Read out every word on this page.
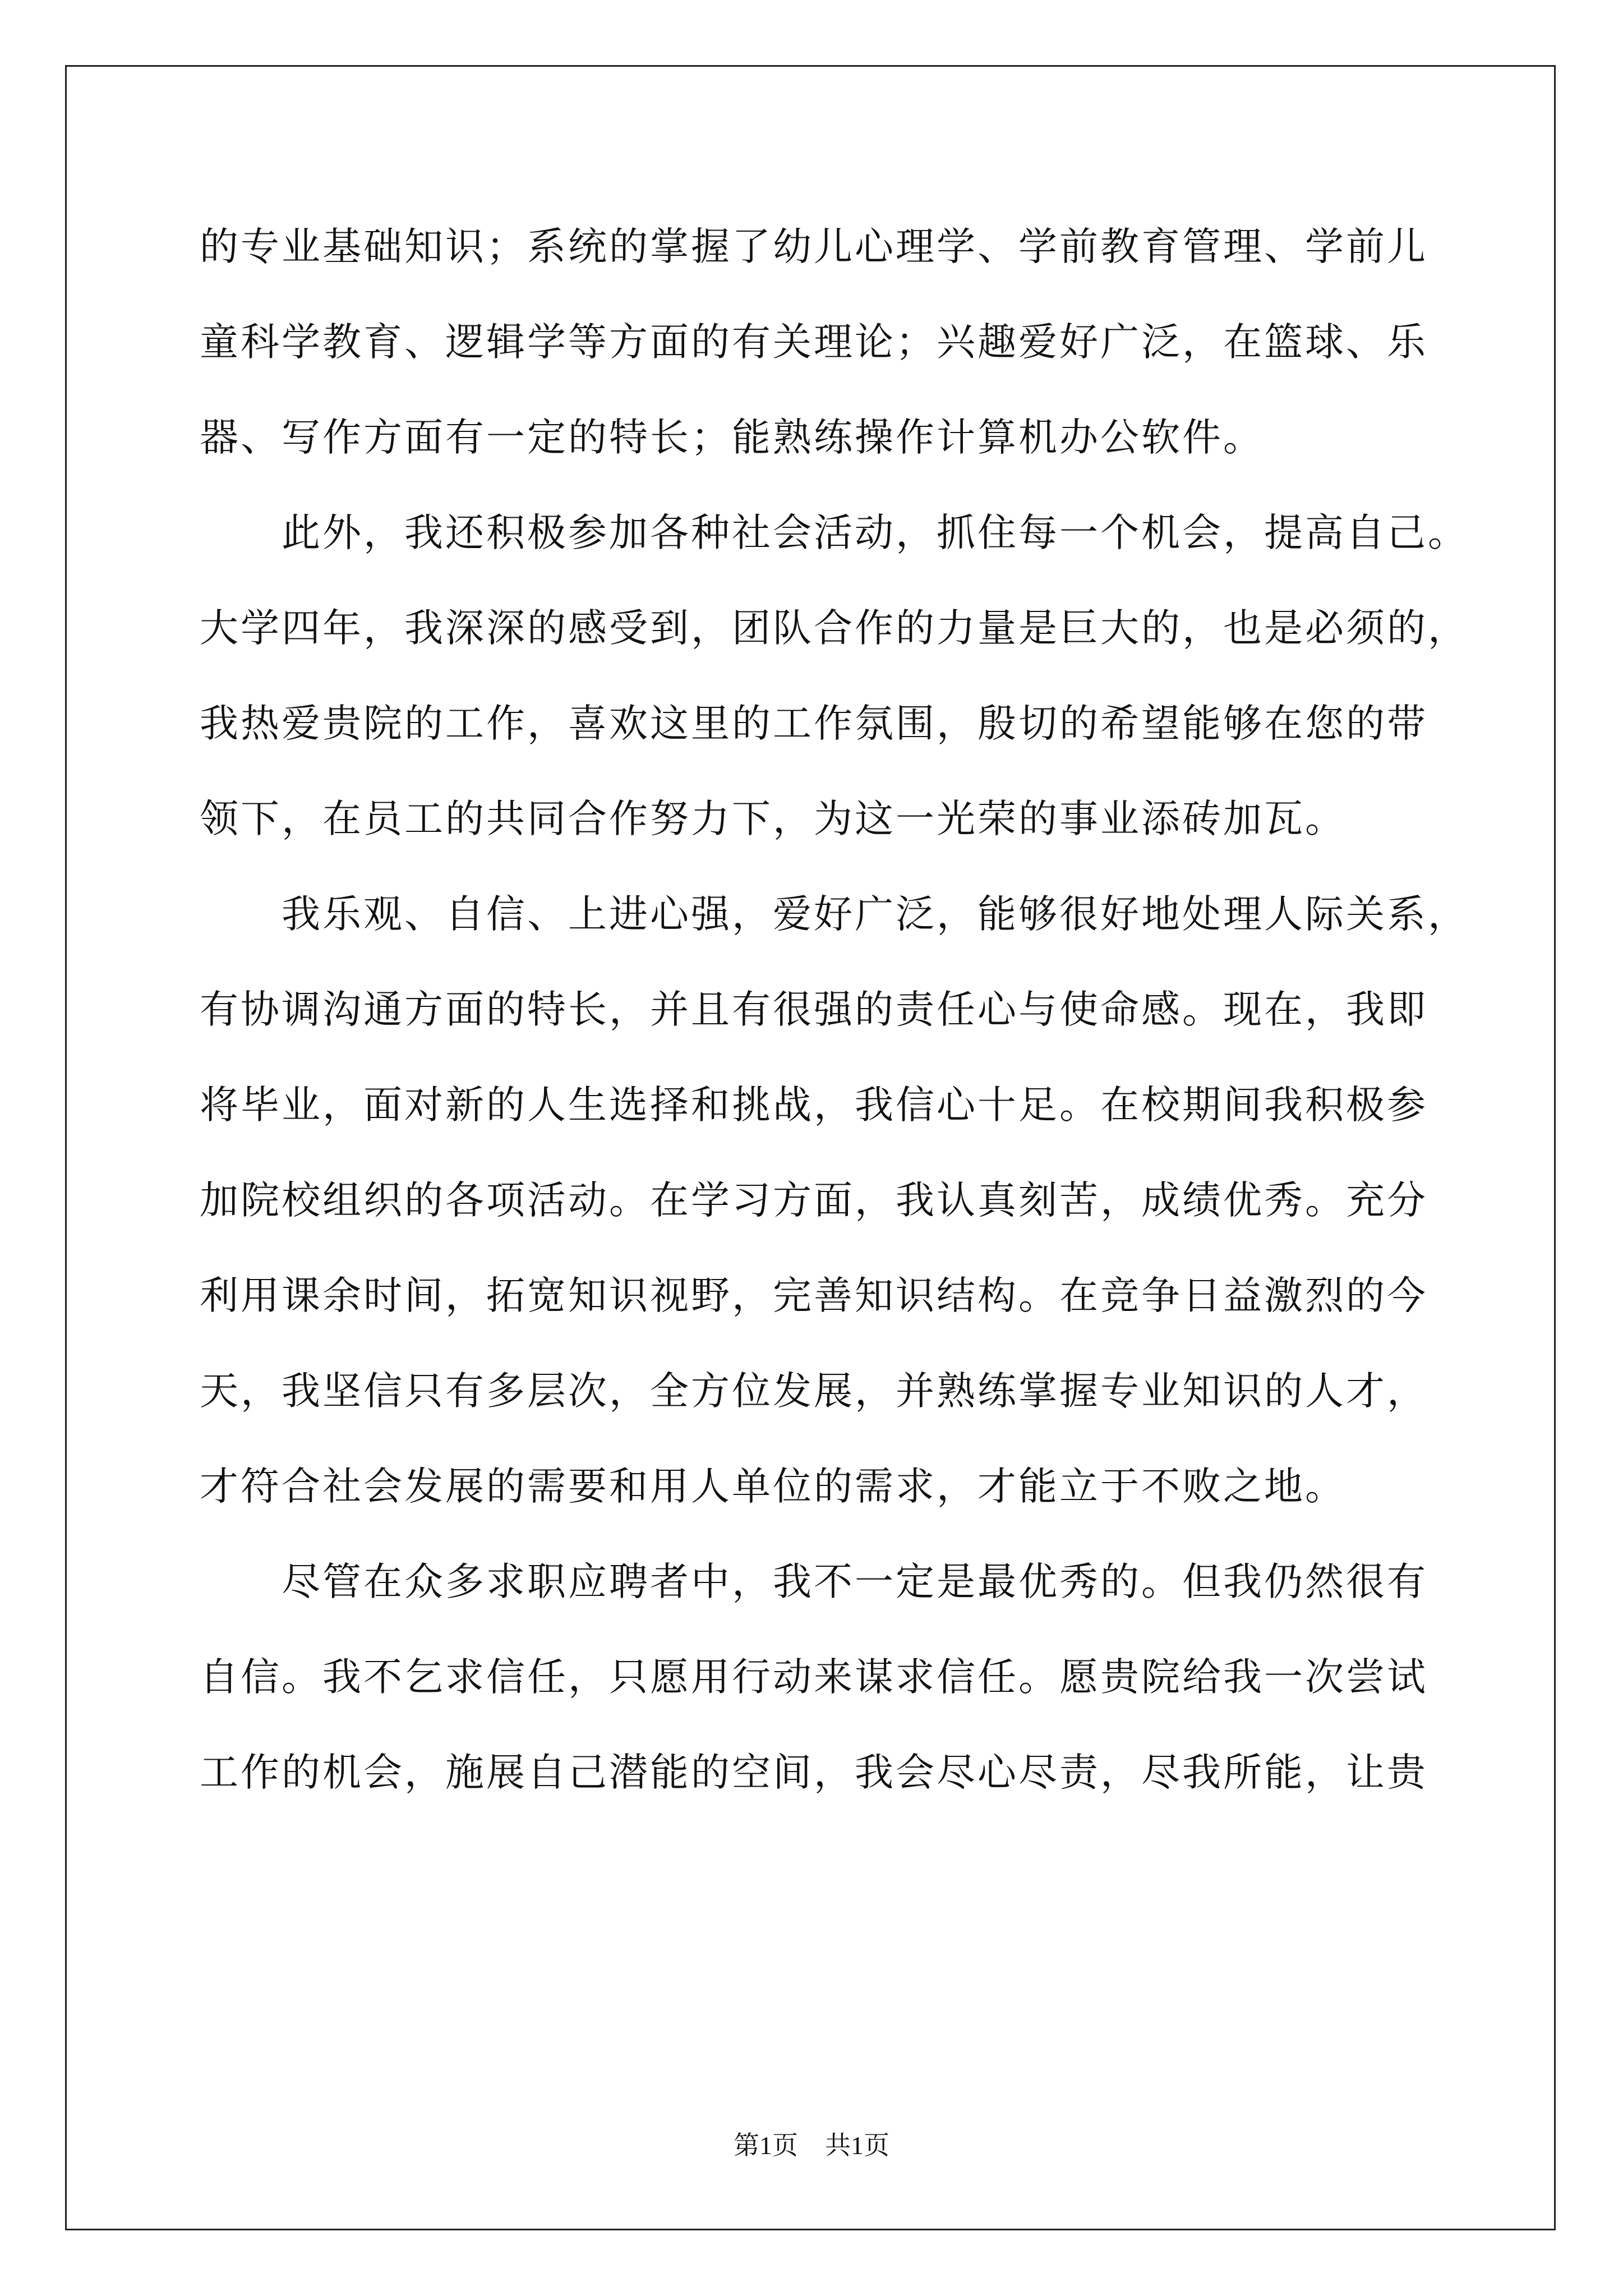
的专业基础知识；系统的掌握了幼儿心理学、学前教育管理、学前儿
童科学教育、逻辑学等方面的有关理论；兴趣爱好广泛，在篮球、乐
器、写作方面有一定的特长；能熟练操作计算机办公软件。
此外，我还积极参加各种社会活动，抓住每一个机会，提高自己。
大学四年，我深深的感受到，团队合作的力量是巨大的，也是必须的，
我热爱贵院的工作，喜欢这里的工作氛围，殷切的希望能够在您的带
领下，在员工的共同合作努力下，为这一光荣的事业添砖加瓦。
我乐观、自信、上进心强，爱好广泛，能够很好地处理人际关系，
有协调沟通方面的特长，并且有很强的责任心与使命感。现在，我即
将毕业，面对新的人生选择和挑战，我信心十足。在校期间我积极参
加院校组织的各项活动。在学习方面，我认真刻苦，成绩优秀。充分
利用课余时间，拓宽知识视野，完善知识结构。在竞争日益激烈的今
天，我坚信只有多层次，全方位发展，并熟练掌握专业知识的人才，
才符合社会发展的需要和用人单位的需求，才能立于不败之地。
尽管在众多求职应聘者中，我不一定是最优秀的。但我仍然很有
自信。我不乞求信任，只愿用行动来谋求信任。愿贵院给我一次尝试
工作的机会，施展自己潜能的空间，我会尽心尽责，尽我所能，让贵
第1页 共1页
